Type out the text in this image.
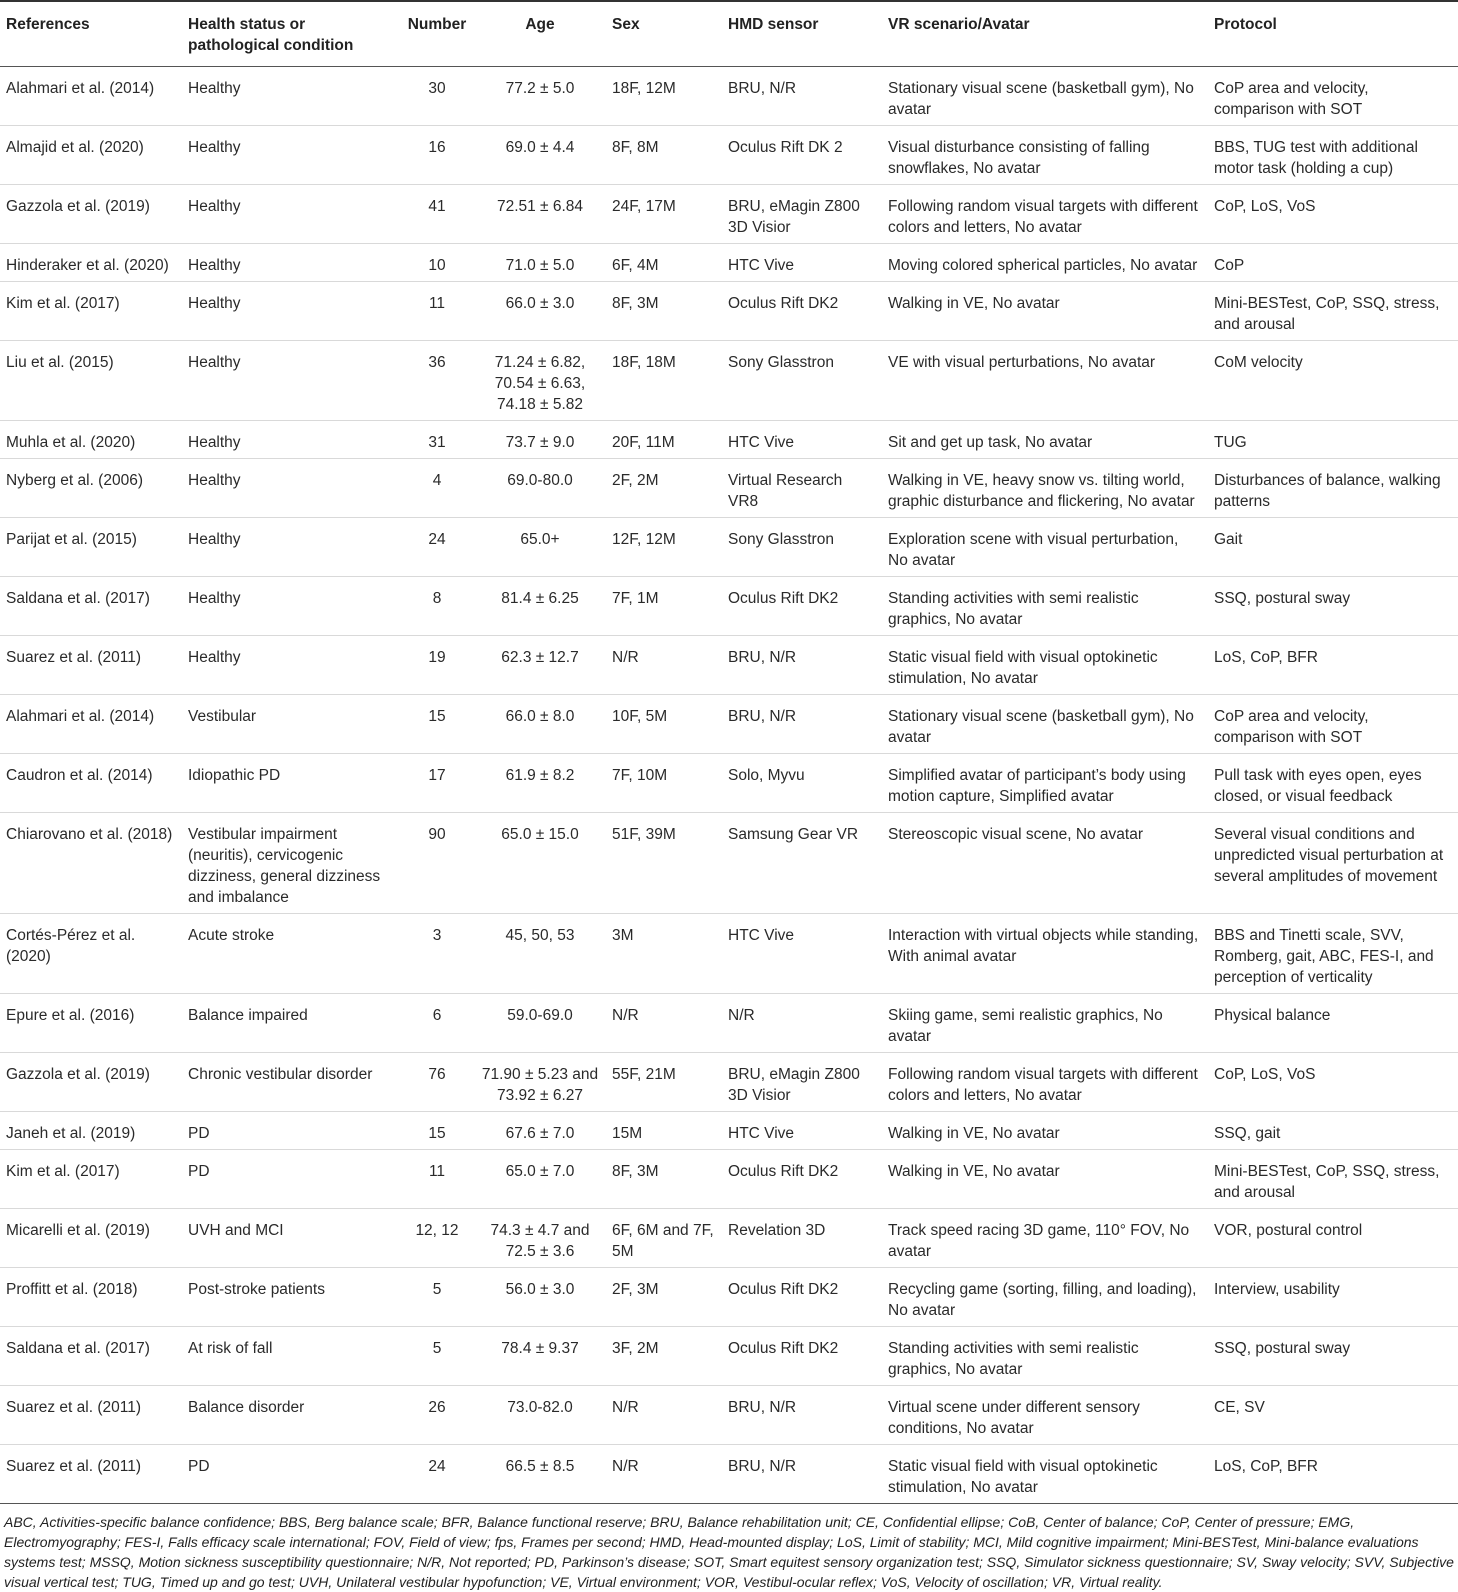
References	Health status or pathological condition	Number	Age	Sex	HMD sensor	VR scenario/Avatar	Protocol
Alahmari et al. (2014)	Healthy	30	77.2 ± 5.0	18F, 12M	BRU, N/R	Stationary visual scene (basketball gym), No avatar	CoP area and velocity, comparison with SOT
Almajid et al. (2020)	Healthy	16	69.0 ± 4.4	8F, 8M	Oculus Rift DK 2	Visual disturbance consisting of falling snowflakes, No avatar	BBS, TUG test with additional motor task (holding a cup)
Gazzola et al. (2019)	Healthy	41	72.51 ± 6.84	24F, 17M	BRU, eMagin Z800 3D Visior	Following random visual targets with different colors and letters, No avatar	CoP, LoS, VoS
Hinderaker et al. (2020)	Healthy	10	71.0 ± 5.0	6F, 4M	HTC Vive	Moving colored spherical particles, No avatar	CoP
Kim et al. (2017)	Healthy	11	66.0 ± 3.0	8F, 3M	Oculus Rift DK2	Walking in VE, No avatar	Mini-BESTest, CoP, SSQ, stress, and arousal
Liu et al. (2015)	Healthy	36	71.24 ± 6.82, 70.54 ± 6.63, 74.18 ± 5.82	18F, 18M	Sony Glasstron	VE with visual perturbations, No avatar	CoM velocity
Muhla et al. (2020)	Healthy	31	73.7 ± 9.0	20F, 11M	HTC Vive	Sit and get up task, No avatar	TUG
Nyberg et al. (2006)	Healthy	4	69.0-80.0	2F, 2M	Virtual Research VR8	Walking in VE, heavy snow vs. tilting world, graphic disturbance and flickering, No avatar	Disturbances of balance, walking patterns
Parijat et al. (2015)	Healthy	24	65.0+	12F, 12M	Sony Glasstron	Exploration scene with visual perturbation, No avatar	Gait
Saldana et al. (2017)	Healthy	8	81.4 ± 6.25	7F, 1M	Oculus Rift DK2	Standing activities with semi realistic graphics, No avatar	SSQ, postural sway
Suarez et al. (2011)	Healthy	19	62.3 ± 12.7	N/R	BRU, N/R	Static visual field with visual optokinetic stimulation, No avatar	LoS, CoP, BFR
Alahmari et al. (2014)	Vestibular	15	66.0 ± 8.0	10F, 5M	BRU, N/R	Stationary visual scene (basketball gym), No avatar	CoP area and velocity, comparison with SOT
Caudron et al. (2014)	Idiopathic PD	17	61.9 ± 8.2	7F, 10M	Solo, Myvu	Simplified avatar of participant’s body using motion capture, Simplified avatar	Pull task with eyes open, eyes closed, or visual feedback
Chiarovano et al. (2018)	Vestibular impairment (neuritis), cervicogenic dizziness, general dizziness and imbalance	90	65.0 ± 15.0	51F, 39M	Samsung Gear VR	Stereoscopic visual scene, No avatar	Several visual conditions and unpredicted visual perturbation at several amplitudes of movement
Cortés-Pérez et al. (2020)	Acute stroke	3	45, 50, 53	3M	HTC Vive	Interaction with virtual objects while standing, With animal avatar	BBS and Tinetti scale, SVV, Romberg, gait, ABC, FES-I, and perception of verticality
Epure et al. (2016)	Balance impaired	6	59.0-69.0	N/R	N/R	Skiing game, semi realistic graphics, No avatar	Physical balance
Gazzola et al. (2019)	Chronic vestibular disorder	76	71.90 ± 5.23 and 73.92 ± 6.27	55F, 21M	BRU, eMagin Z800 3D Visior	Following random visual targets with different colors and letters, No avatar	CoP, LoS, VoS
Janeh et al. (2019)	PD	15	67.6 ± 7.0	15M	HTC Vive	Walking in VE, No avatar	SSQ, gait
Kim et al. (2017)	PD	11	65.0 ± 7.0	8F, 3M	Oculus Rift DK2	Walking in VE, No avatar	Mini-BESTest, CoP, SSQ, stress, and arousal
Micarelli et al. (2019)	UVH and MCI	12, 12	74.3 ± 4.7 and 72.5 ± 3.6	6F, 6M and 7F, 5M	Revelation 3D	Track speed racing 3D game, 110° FOV, No avatar	VOR, postural control
Proffitt et al. (2018)	Post-stroke patients	5	56.0 ± 3.0	2F, 3M	Oculus Rift DK2	Recycling game (sorting, filling, and loading), No avatar	Interview, usability
Saldana et al. (2017)	At risk of fall	5	78.4 ± 9.37	3F, 2M	Oculus Rift DK2	Standing activities with semi realistic graphics, No avatar	SSQ, postural sway
Suarez et al. (2011)	Balance disorder	26	73.0-82.0	N/R	BRU, N/R	Virtual scene under different sensory conditions, No avatar	CE, SV
Suarez et al. (2011)	PD	24	66.5 ± 8.5	N/R	BRU, N/R	Static visual field with visual optokinetic stimulation, No avatar	LoS, CoP, BFR
ABC, Activities-specific balance confidence; BBS, Berg balance scale; BFR, Balance functional reserve; BRU, Balance rehabilitation unit; CE, Confidential ellipse; CoB, Center of balance; CoP, Center of pressure; EMG, Electromyography; FES-I, Falls efficacy scale international; FOV, Field of view; fps, Frames per second; HMD, Head-mounted display; LoS, Limit of stability; MCI, Mild cognitive impairment; Mini-BESTest, Mini-balance evaluations systems test; MSSQ, Motion sickness susceptibility questionnaire; N/R, Not reported; PD, Parkinson’s disease; SOT, Smart equitest sensory organization test; SSQ, Simulator sickness questionnaire; SV, Sway velocity; SVV, Subjective visual vertical test; TUG, Timed up and go test; UVH, Unilateral vestibular hypofunction; VE, Virtual environment; VOR, Vestibul-ocular reflex; VoS, Velocity of oscillation; VR, Virtual reality.
